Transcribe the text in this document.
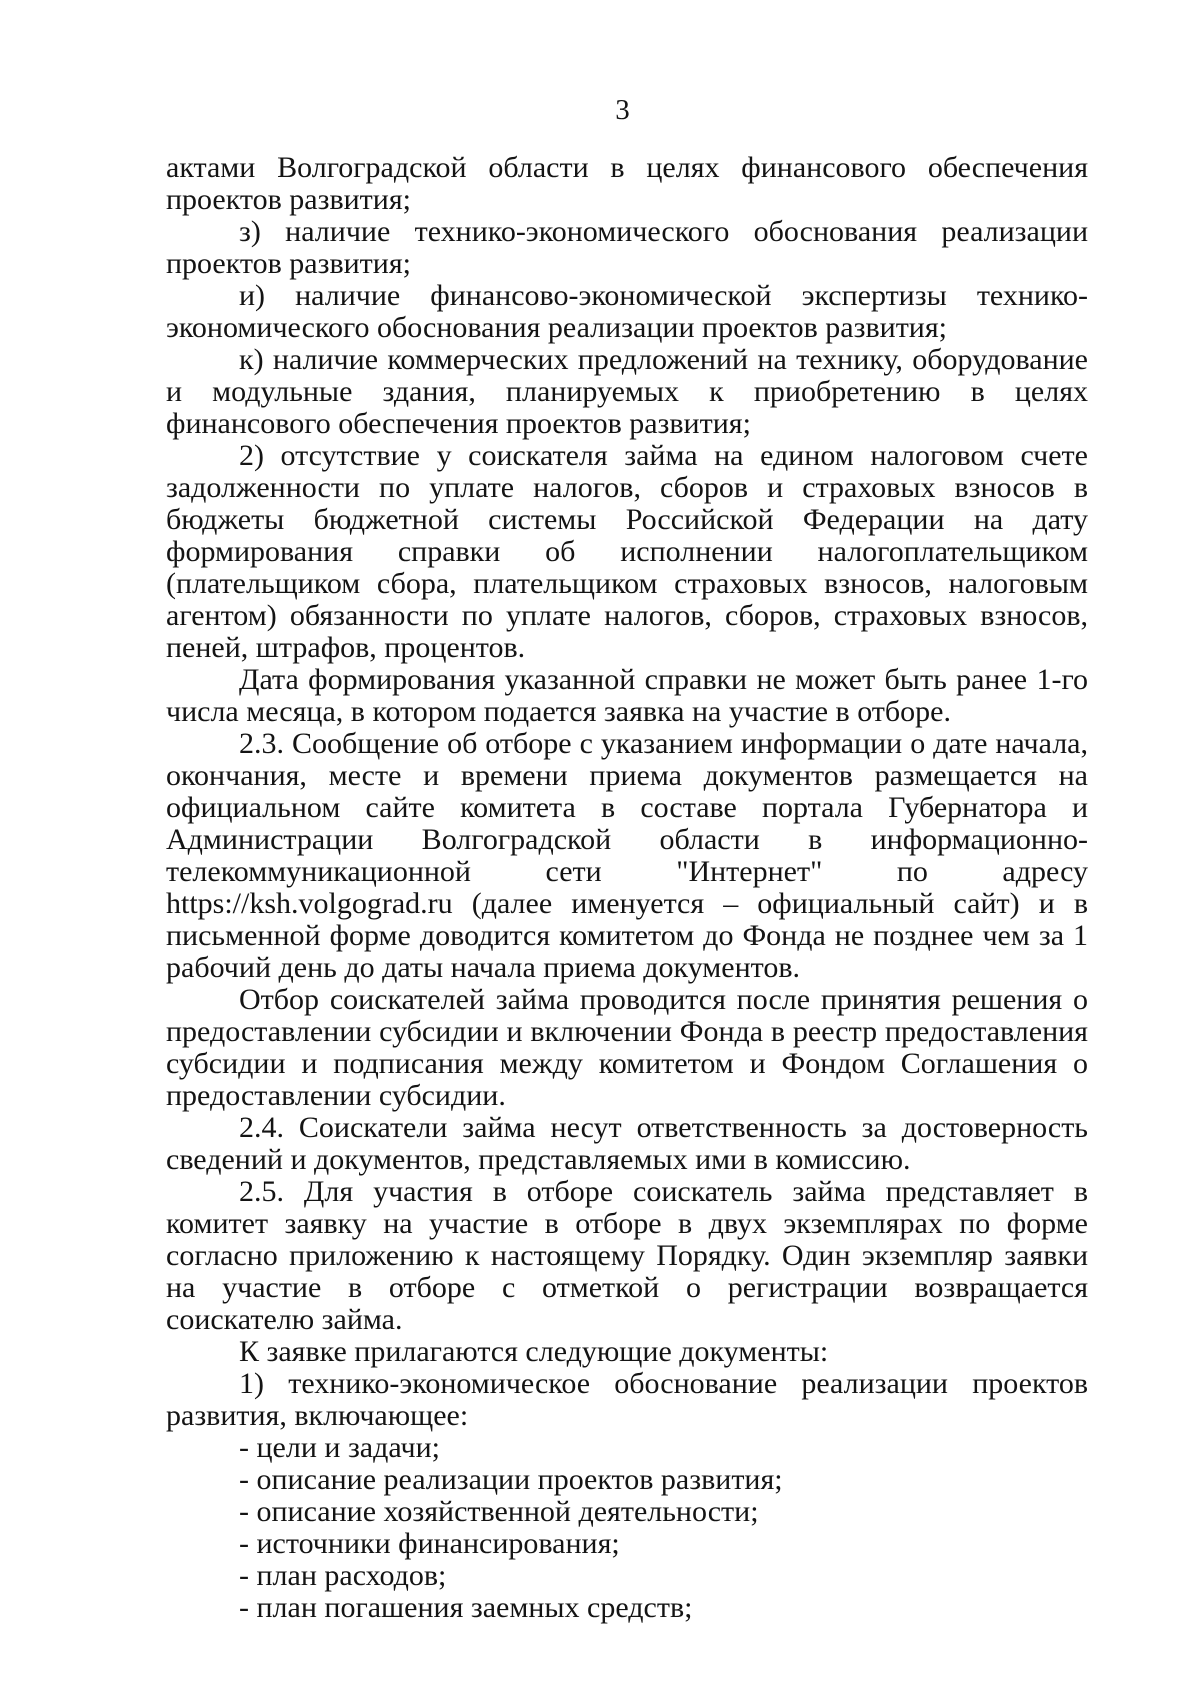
3

актами Волгоградской области в целях финансового обеспечения проектов развития;

з) наличие технико-экономического обоснования реализации проектов развития;

и) наличие финансово-экономической экспертизы технико-экономического обоснования реализации проектов развития;

к) наличие коммерческих предложений на технику, оборудование и модульные здания, планируемых к приобретению в целях финансового обеспечения проектов развития;

2) отсутствие у соискателя займа на едином налоговом счете задолженности по уплате налогов, сборов и страховых взносов в бюджеты бюджетной системы Российской Федерации на дату формирования справки об исполнении налогоплательщиком (плательщиком сбора, плательщиком страховых взносов, налоговым агентом) обязанности по уплате налогов, сборов, страховых взносов, пеней, штрафов, процентов.

Дата формирования указанной справки не может быть ранее 1-го числа месяца, в котором подается заявка на участие в отборе.

2.3. Сообщение об отборе с указанием информации о дате начала, окончания, месте и времени приема документов размещается на официальном сайте комитета в составе портала Губернатора и Администрации Волгоградской области в информационно-телекоммуникационной сети "Интернет" по адресу https://ksh.volgograd.ru (далее именуется – официальный сайт) и в письменной форме доводится комитетом до Фонда не позднее чем за 1 рабочий день до даты начала приема документов.

Отбор соискателей займа проводится после принятия решения о предоставлении субсидии и включении Фонда в реестр предоставления субсидии и подписания между комитетом и Фондом Соглашения о предоставлении субсидии.

2.4. Соискатели займа несут ответственность за достоверность сведений и документов, представляемых ими в комиссию.

2.5. Для участия в отборе соискатель займа представляет в комитет заявку на участие в отборе в двух экземплярах по форме согласно приложению к настоящему Порядку. Один экземпляр заявки на участие в отборе с отметкой о регистрации возвращается соискателю займа.

К заявке прилагаются следующие документы:

1) технико-экономическое обоснование реализации проектов развития, включающее:

- цели и задачи;

- описание реализации проектов развития;

- описание хозяйственной деятельности;

- источники финансирования;

- план расходов;

- план погашения заемных средств;
